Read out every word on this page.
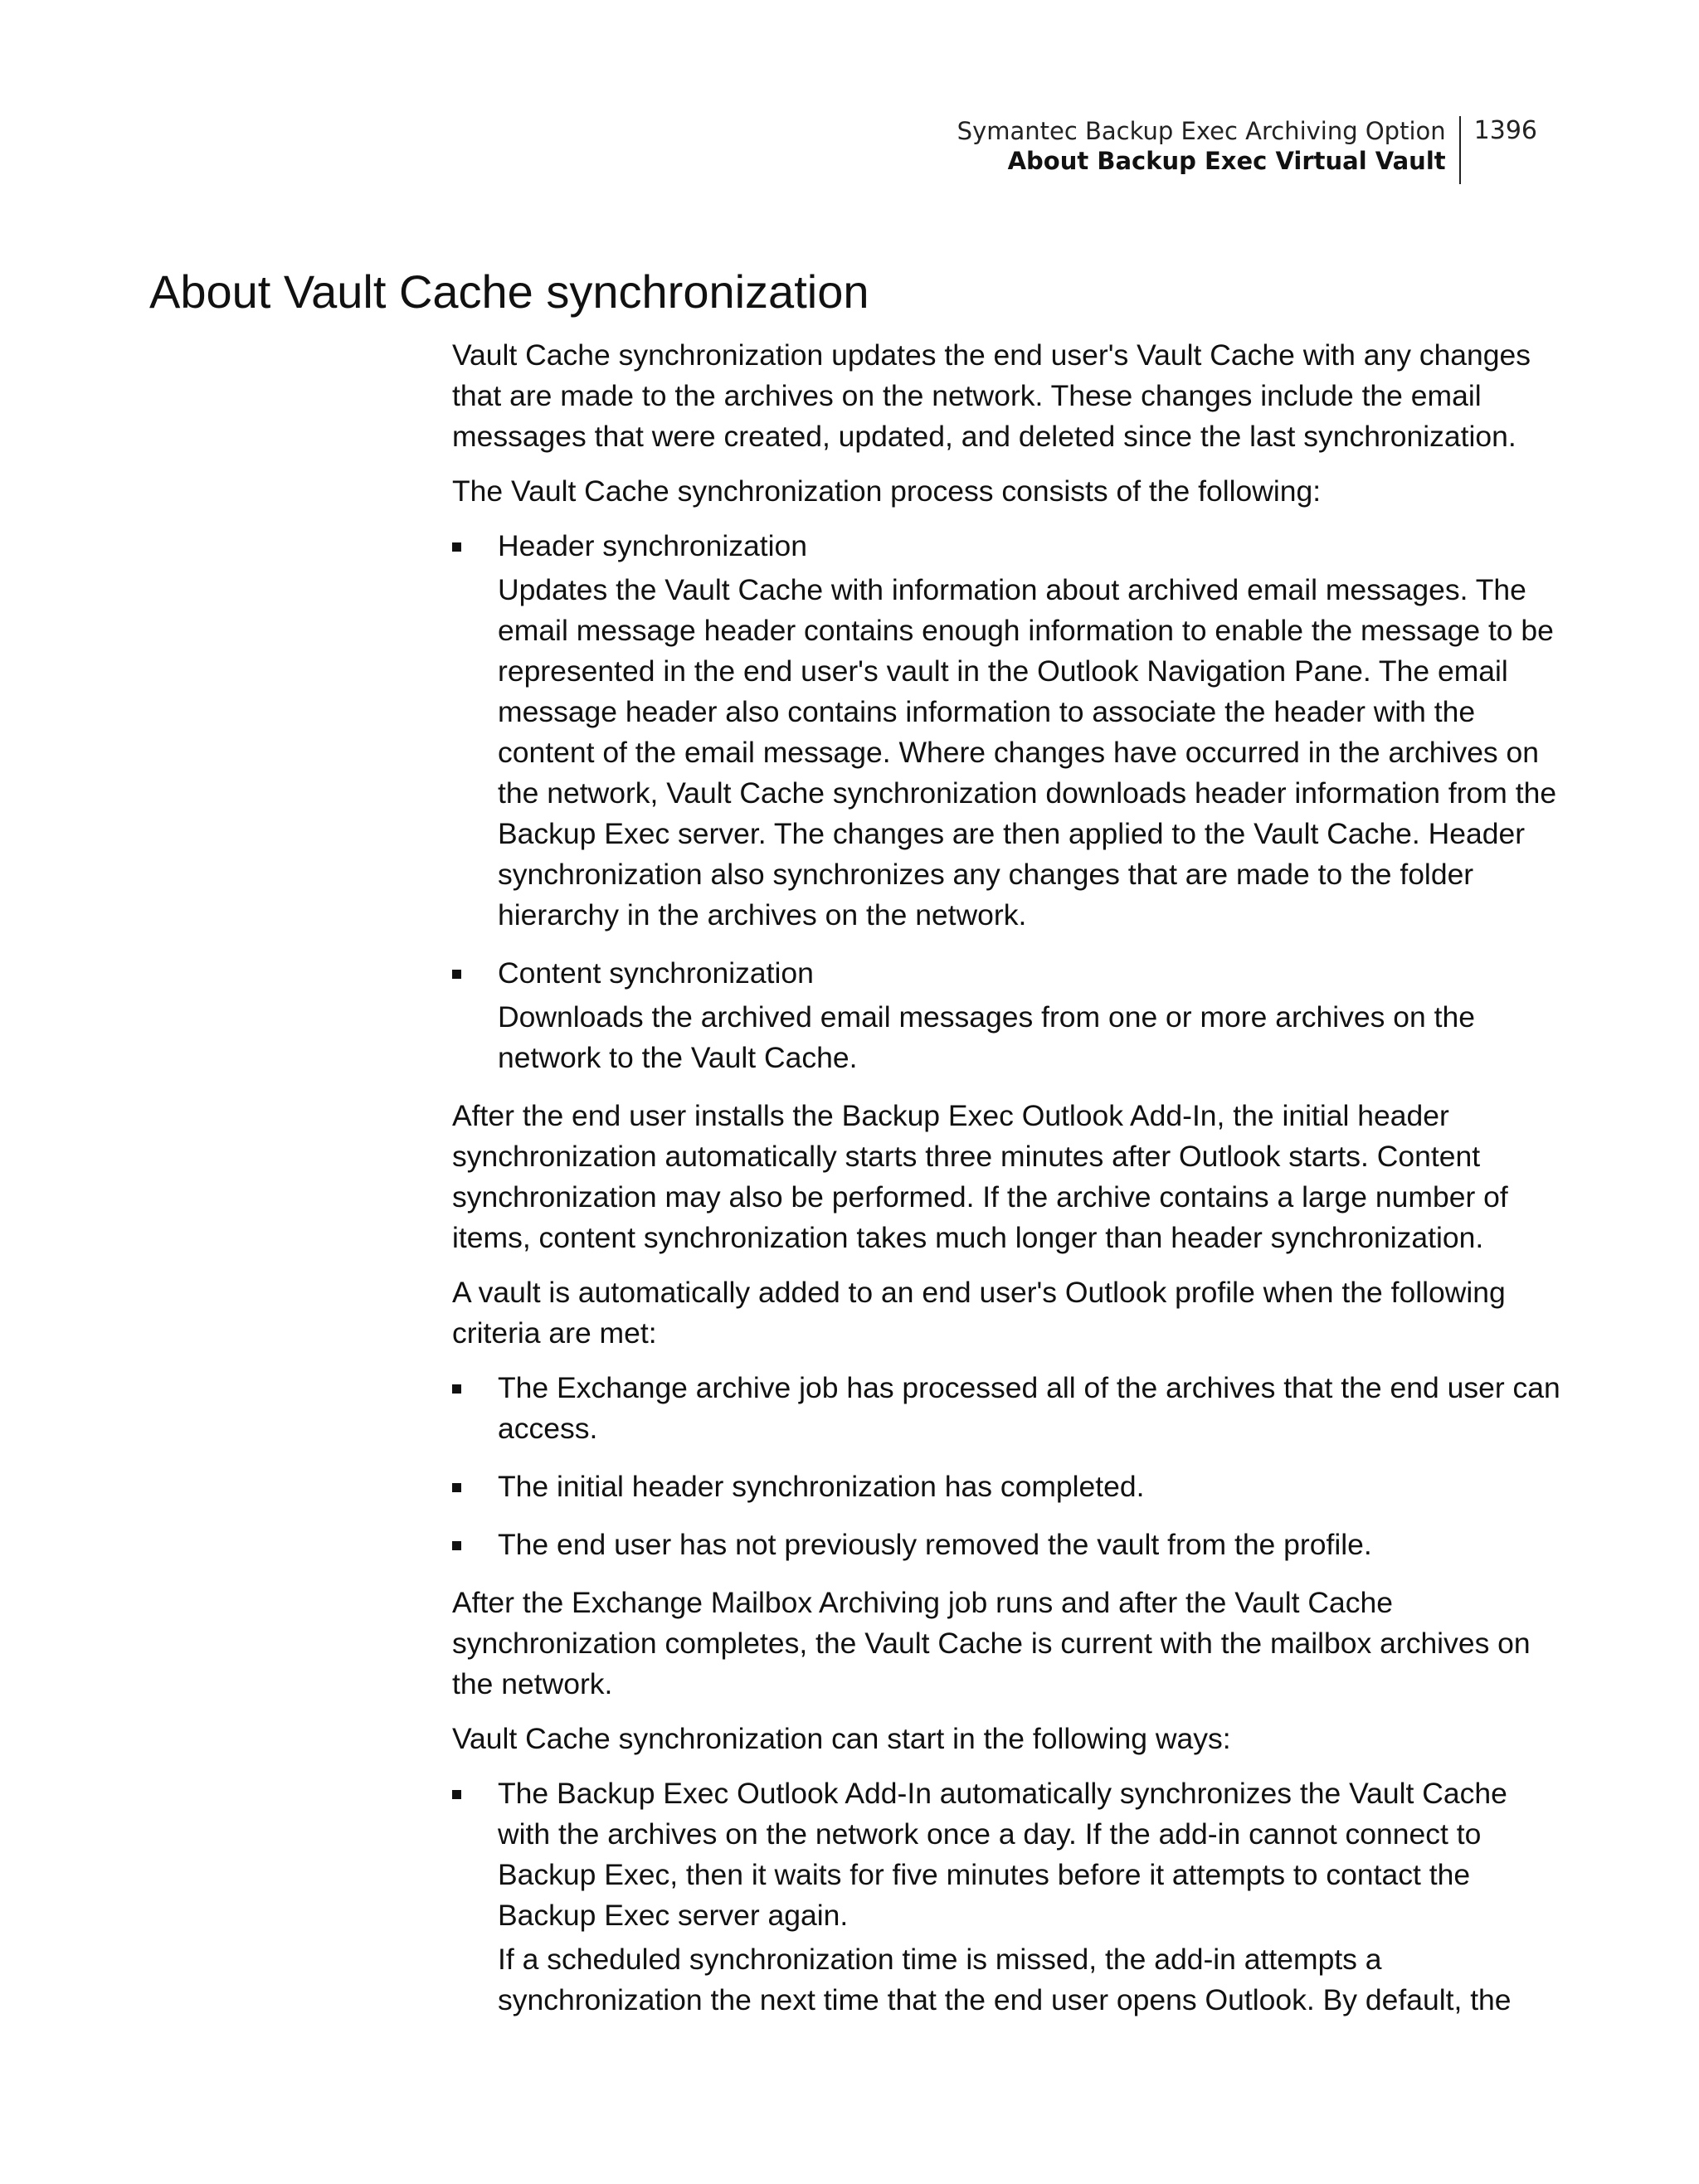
Symantec Backup Exec Archiving Option
About Backup Exec Virtual Vault
1396
About Vault Cache synchronization

Vault Cache synchronization updates the end user's Vault Cache with any changes that are made to the archives on the network. These changes include the email messages that were created, updated, and deleted since the last synchronization.

The Vault Cache synchronization process consists of the following:

Header synchronization
Updates the Vault Cache with information about archived email messages. The email message header contains enough information to enable the message to be represented in the end user's vault in the Outlook Navigation Pane. The email message header also contains information to associate the header with the content of the email message. Where changes have occurred in the archives on the network, Vault Cache synchronization downloads header information from the Backup Exec server. The changes are then applied to the Vault Cache. Header synchronization also synchronizes any changes that are made to the folder hierarchy in the archives on the network.
Content synchronization
Downloads the archived email messages from one or more archives on the network to the Vault Cache.

After the end user installs the Backup Exec Outlook Add-In, the initial header synchronization automatically starts three minutes after Outlook starts. Content synchronization may also be performed. If the archive contains a large number of items, content synchronization takes much longer than header synchronization.

A vault is automatically added to an end user's Outlook profile when the following criteria are met:

The Exchange archive job has processed all of the archives that the end user can access.
The initial header synchronization has completed.
The end user has not previously removed the vault from the profile.

After the Exchange Mailbox Archiving job runs and after the Vault Cache synchronization completes, the Vault Cache is current with the mailbox archives on the network.

Vault Cache synchronization can start in the following ways:

The Backup Exec Outlook Add-In automatically synchronizes the Vault Cache with the archives on the network once a day. If the add-in cannot connect to Backup Exec, then it waits for five minutes before it attempts to contact the Backup Exec server again.
If a scheduled synchronization time is missed, the add-in attempts a synchronization the next time that the end user opens Outlook. By default, the
